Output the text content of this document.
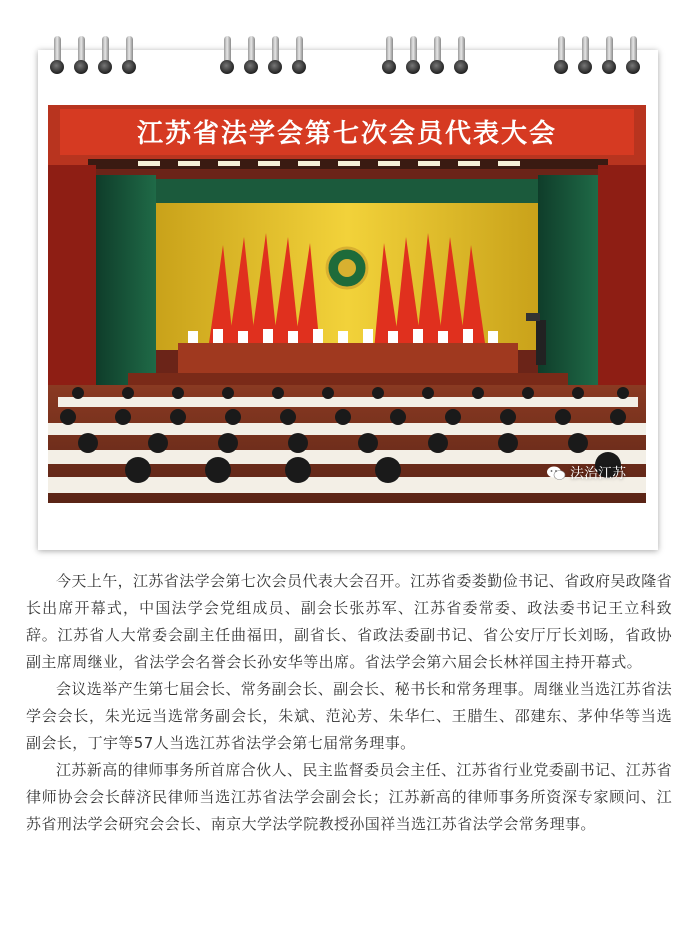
江苏省法学会第七次会员代表大会
法治江苏

今天上午，江苏省法学会第七次会员代表大会召开。江苏省委娄勤俭书记、省政府吴政隆省长出席开幕式，中国法学会党组成员、副会长张苏军、江苏省委常委、政法委书记王立科致辞。江苏省人大常委会副主任曲福田，副省长、省政法委副书记、省公安厅厅长刘旸，省政协副主席周继业，省法学会名誉会长孙安华等出席。省法学会第六届会长林祥国主持开幕式。

会议选举产生第七届会长、常务副会长、副会长、秘书长和常务理事。周继业当选江苏省法学会会长，朱光远当选常务副会长，朱斌、范沁芳、朱华仁、王腊生、邵建东、茅仲华等当选副会长，丁宇等57人当选江苏省法学会第七届常务理事。

江苏新高的律师事务所首席合伙人、民主监督委员会主任、江苏省行业党委副书记、江苏省律师协会会长薛济民律师当选江苏省法学会副会长；江苏新高的律师事务所资深专家顾问、江苏省刑法学会研究会会长、南京大学法学院教授孙国祥当选江苏省法学会常务理事。
